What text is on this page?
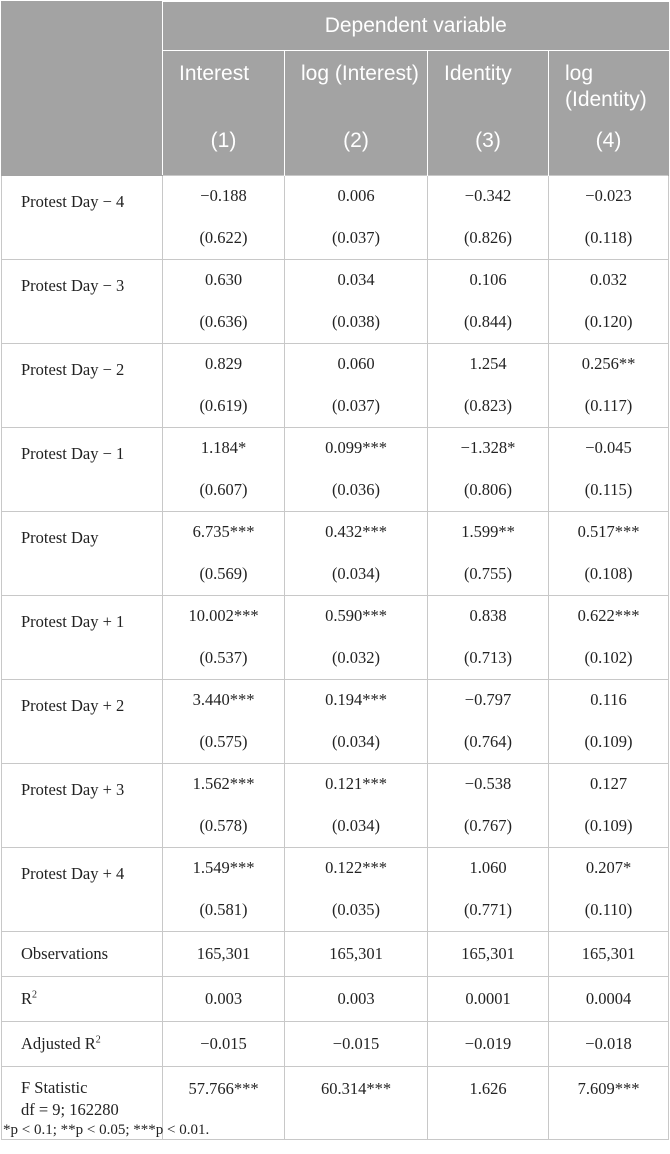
	Dependent variable			
	Interest	log (Interest)	Identity	log (Identity)
	(1)	(2)	(3)	(4)
Protest Day − 4	−0.188	0.006	−0.342	−0.023
	(0.622)	(0.037)	(0.826)	(0.118)
Protest Day − 3	0.630	0.034	0.106	0.032
	(0.636)	(0.038)	(0.844)	(0.120)
Protest Day − 2	0.829	0.060	1.254	0.256**
	(0.619)	(0.037)	(0.823)	(0.117)
Protest Day − 1	1.184*	0.099***	−1.328*	−0.045
	(0.607)	(0.036)	(0.806)	(0.115)
Protest Day	6.735***	0.432***	1.599**	0.517***
	(0.569)	(0.034)	(0.755)	(0.108)
Protest Day + 1	10.002***	0.590***	0.838	0.622***
	(0.537)	(0.032)	(0.713)	(0.102)
Protest Day + 2	3.440***	0.194***	−0.797	0.116
	(0.575)	(0.034)	(0.764)	(0.109)
Protest Day + 3	1.562***	0.121***	−0.538	0.127
	(0.578)	(0.034)	(0.767)	(0.109)
Protest Day + 4	1.549***	0.122***	1.060	0.207*
	(0.581)	(0.035)	(0.771)	(0.110)
Observations	165,301	165,301	165,301	165,301
$R^2$	0.003	0.003	0.0001	0.0004
Adjusted $R^2$	−0.015	−0.015	−0.019	−0.018
F Statistic
df = 9; 162280	57.766***	60.314***	1.626	7.609***
*p < 0.1; **p < 0.05; ***p < 0.01.
